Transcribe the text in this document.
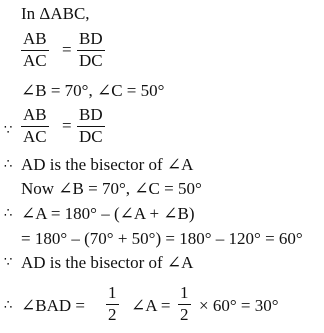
In ΔABC,
AB
AC
=
BD
DC
∠B = 70°, ∠C = 50°
∵
AB
AC
=
BD
DC
∴ AD is the bisector of ∠A
Now ∠B = 70°, ∠C = 50°
∴ ∠A = 180° – (∠A + ∠B)
= 180° – (70° + 50°) = 180° – 120° = 60°
∵ AD is the bisector of ∠A
∴ ∠BAD =
1
2 ∠A =
1
2 × 60° = 30°
